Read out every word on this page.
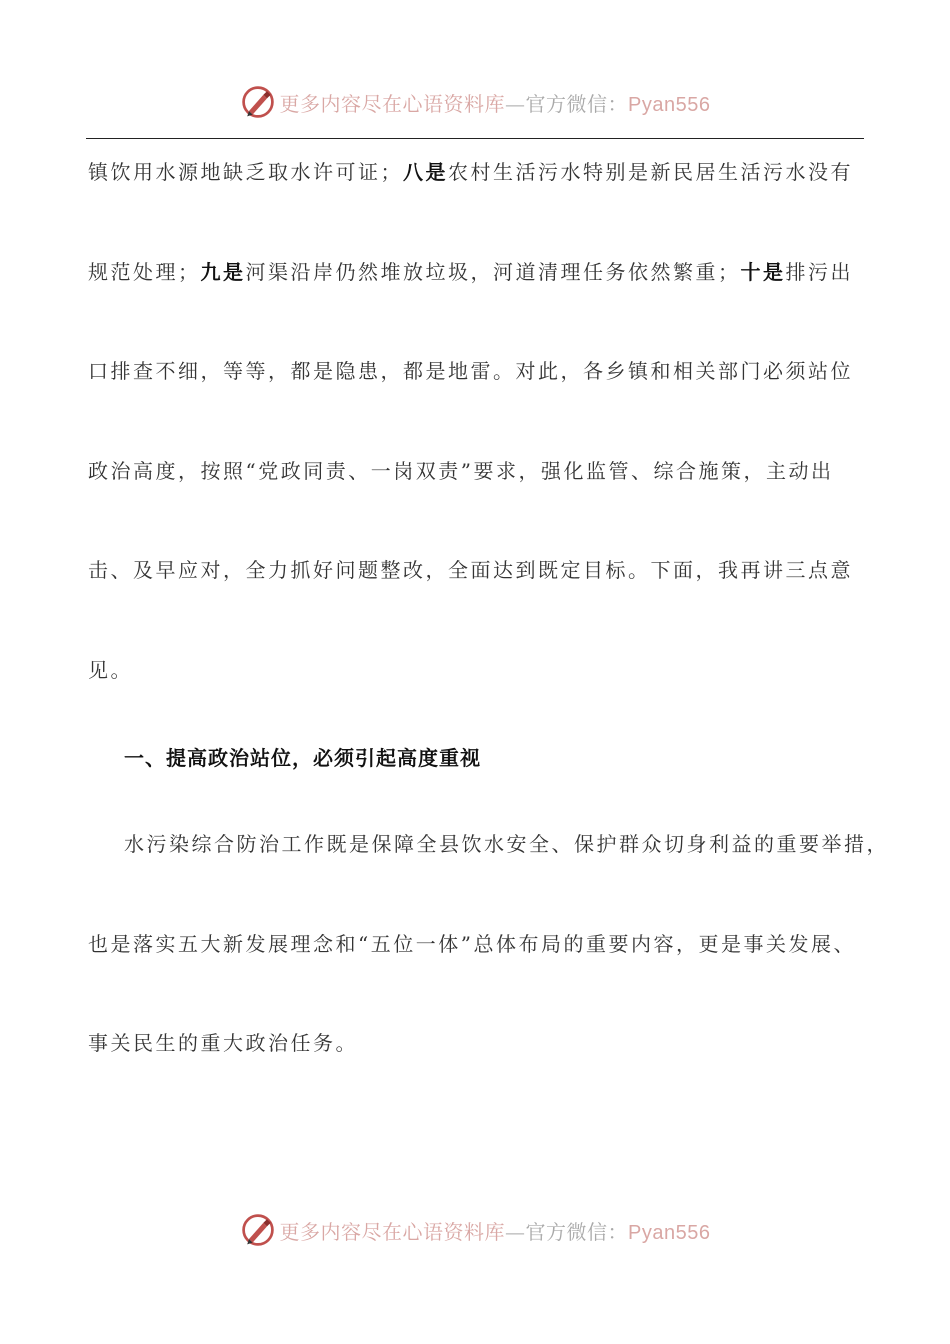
更多内容尽在心语资料库—官方微信：Pyan556
镇饮用水源地缺乏取水许可证；八是农村生活污水特别是新民居生活污水没有
规范处理；九是河渠沿岸仍然堆放垃圾，河道清理任务依然繁重；十是排污出
口排查不细，等等，都是隐患，都是地雷。对此，各乡镇和相关部门必须站位
政治高度，按照“党政同责、一岗双责”要求，强化监管、综合施策，主动出
击、及早应对，全力抓好问题整改，全面达到既定目标。下面，我再讲三点意
见。
一、提高政治站位，必须引起高度重视
水污染综合防治工作既是保障全县饮水安全、保护群众切身利益的重要举措，
也是落实五大新发展理念和“五位一体”总体布局的重要内容，更是事关发展、
事关民生的重大政治任务。
更多内容尽在心语资料库—官方微信：Pyan556
